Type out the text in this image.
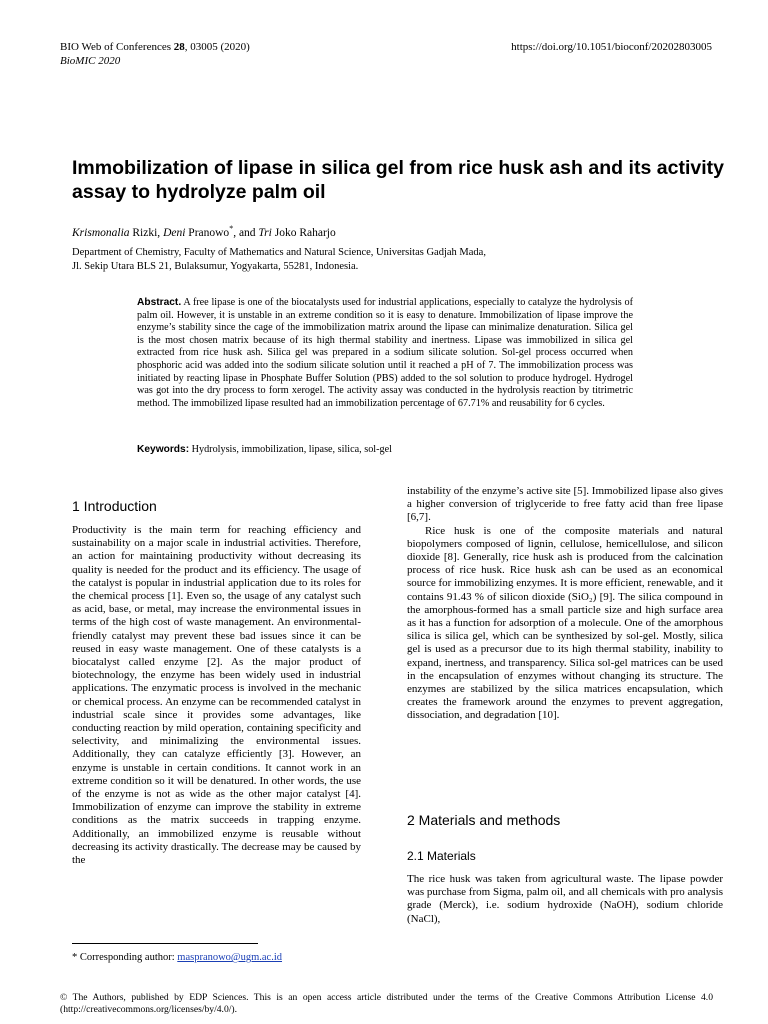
BIO Web of Conferences 28, 03005 (2020)
BioMIC 2020
https://doi.org/10.1051/bioconf/20202803005
Immobilization of lipase in silica gel from rice husk ash and its activity assay to hydrolyze palm oil
Krismonalia Rizki, Deni Pranowo*, and Tri Joko Raharjo
Department of Chemistry, Faculty of Mathematics and Natural Science, Universitas Gadjah Mada,
Jl. Sekip Utara BLS 21, Bulaksumur, Yogyakarta, 55281, Indonesia.
Abstract. A free lipase is one of the biocatalysts used for industrial applications, especially to catalyze the hydrolysis of palm oil. However, it is unstable in an extreme condition so it is easy to denature. Immobilization of lipase improve the enzyme’s stability since the cage of the immobilization matrix around the lipase can minimalize denaturation. Silica gel is the most chosen matrix because of its high thermal stability and inertness. Lipase was immobilized in silica gel extracted from rice husk ash. Silica gel was prepared in a sodium silicate solution. Sol-gel process occurred when phosphoric acid was added into the sodium silicate solution until it reached a pH of 7. The immobilization process was initiated by reacting lipase in Phosphate Buffer Solution (PBS) added to the sol solution to produce hydrogel. Hydrogel was got into the dry process to form xerogel. The activity assay was conducted in the hydrolysis reaction by titrimetric method. The immobilized lipase resulted had an immobilization percentage of 67.71% and reusability for 6 cycles.
Keywords: Hydrolysis, immobilization, lipase, silica, sol-gel
1 Introduction

Productivity is the main term for reaching efficiency and sustainability on a major scale in industrial activities. Therefore, an action for maintaining productivity without decreasing its quality is needed for the product and its efficiency. The usage of the catalyst is popular in industrial application due to its roles for the chemical process [1]. Even so, the usage of any catalyst such as acid, base, or metal, may increase the environmental issues in terms of the high cost of waste management. An environmental-friendly catalyst may prevent these bad issues since it can be reused in easy waste management. One of these catalysts is a biocatalyst called enzyme [2]. As the major product of biotechnology, the enzyme has been widely used in industrial applications. The enzymatic process is involved in the mechanic or chemical process. An enzyme can be recommended catalyst in industrial scale since it provides some advantages, like conducting reaction by mild operation, containing specificity and selectivity, and minimalizing the environmental issues. Additionally, they can catalyze efficiently [3]. However, an enzyme is unstable in certain conditions. It cannot work in an extreme condition so it will be denatured. In other words, the use of the enzyme is not as wide as the other major catalyst [4]. Immobilization of enzyme can improve the stability in extreme conditions as the matrix succeeds in trapping enzyme. Additionally, an immobilized enzyme is reusable without decreasing its activity drastically. The decrease may be caused by the

instability of the enzyme’s active site [5]. Immobilized lipase also gives a higher conversion of triglyceride to free fatty acid than free lipase [6,7].

Rice husk is one of the composite materials and natural biopolymers composed of lignin, cellulose, hemicellulose, and silicon dioxide [8]. Generally, rice husk ash is produced from the calcination process of rice husk. Rice husk ash can be used as an economical source for immobilizing enzymes. It is more efficient, renewable, and it contains 91.43 % of silicon dioxide (SiO₂) [9]. The silica compound in the amorphous-formed has a small particle size and high surface area as it has a function for adsorption of a molecule. One of the amorphous silica is silica gel, which can be synthesized by sol-gel. Mostly, silica gel is used as a precursor due to its high thermal stability, inability to expand, inertness, and transparency. Silica sol-gel matrices can be used in the encapsulation of enzymes without changing its structure. The enzymes are stabilized by the silica matrices encapsulation, which creates the framework around the enzymes to prevent aggregation, dissociation, and degradation [10].

2 Materials and methods
2.1 Materials

The rice husk was taken from agricultural waste. The lipase powder was purchase from Sigma, palm oil, and all chemicals with pro analysis grade (Merck), i.e. sodium hydroxide (NaOH), sodium chloride (NaCl),

* Corresponding author: maspranowo@ugm.ac.id
© The Authors, published by EDP Sciences. This is an open access article distributed under the terms of the Creative Commons Attribution License 4.0 (http://creativecommons.org/licenses/by/4.0/).
